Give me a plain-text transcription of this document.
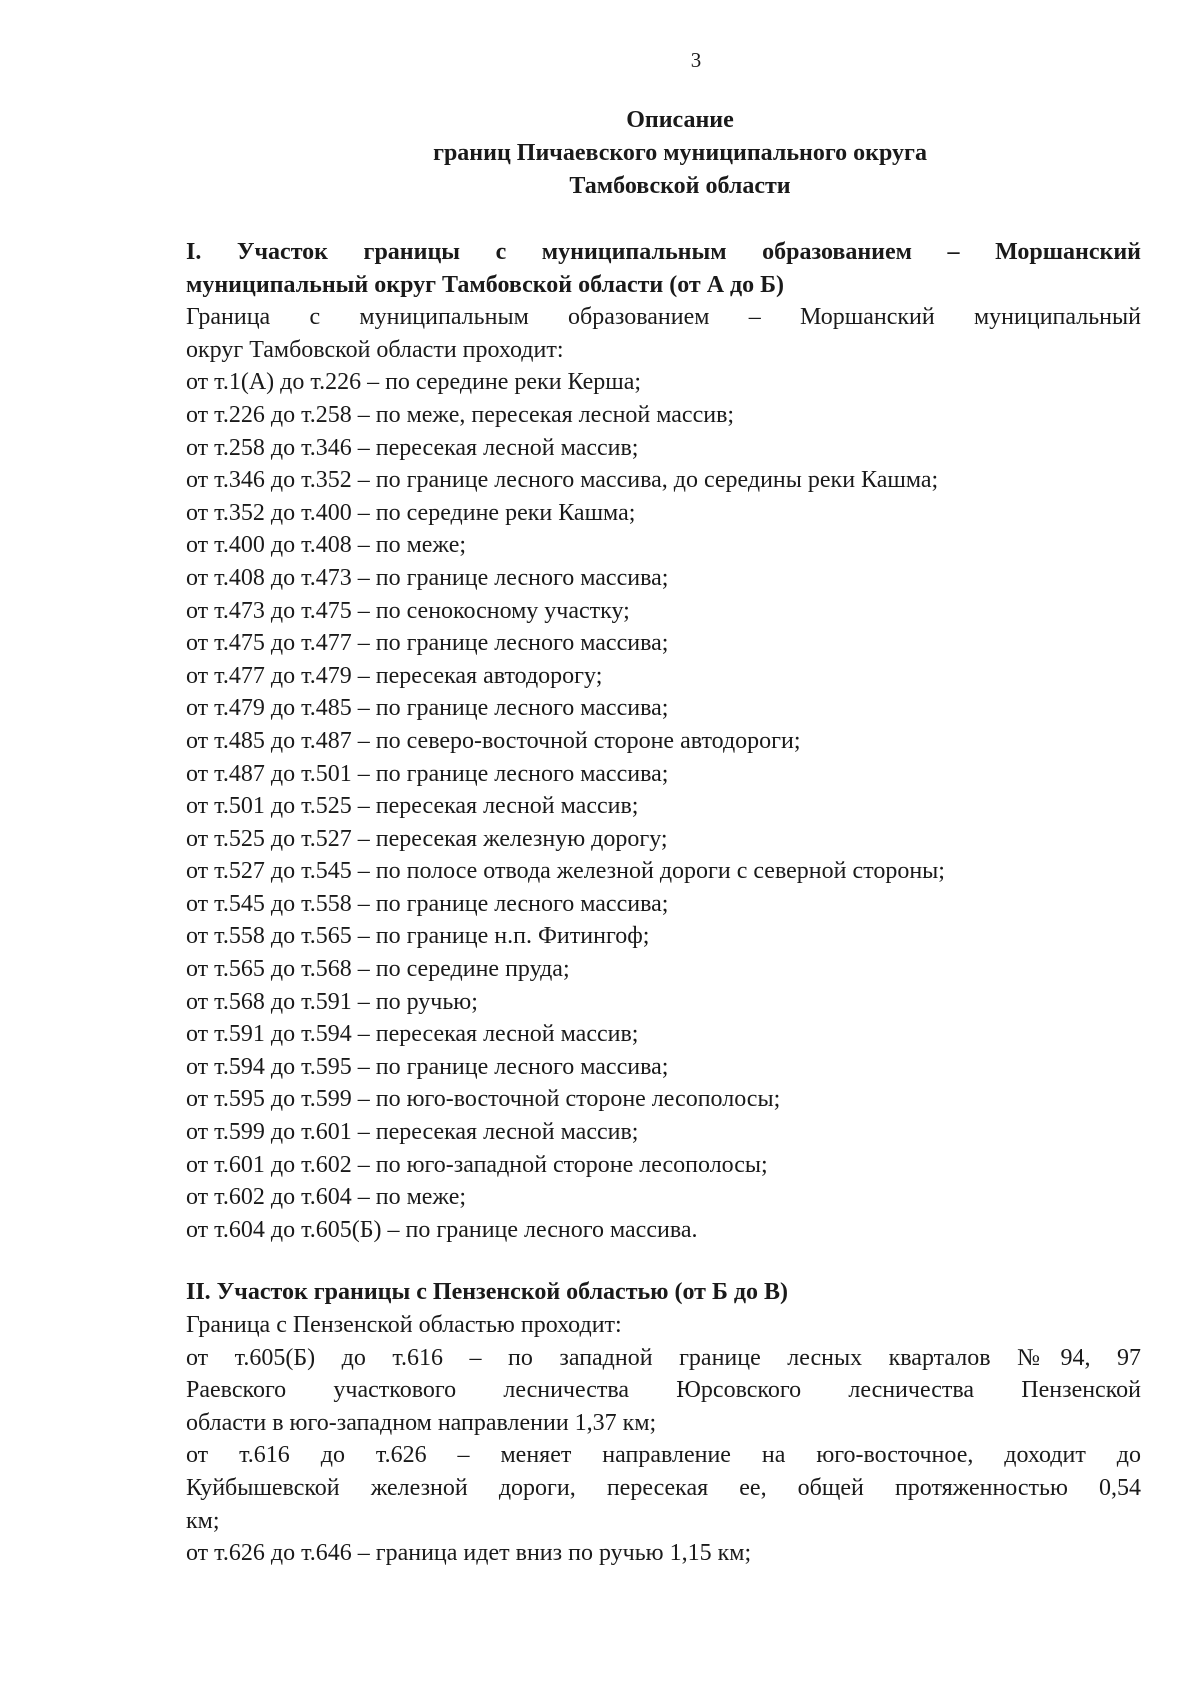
3
Описание
границ Пичаевского муниципального округа
Тамбовской области
I. Участок границы с муниципальным образованием – Моршанский
муниципальный округ Тамбовской области (от А до Б)
Граница с муниципальным образованием – Моршанский муниципальный
округ Тамбовской области проходит:
от т.1(А) до т.226 – по середине реки Керша;
от т.226 до т.258 – по меже, пересекая лесной массив;
от т.258 до т.346 – пересекая лесной массив;
от т.346 до т.352 – по границе лесного массива, до середины реки Кашма;
от т.352 до т.400 – по середине реки Кашма;
от т.400 до т.408 – по меже;
от т.408 до т.473 – по границе лесного массива;
от т.473 до т.475 – по сенокосному участку;
от т.475 до т.477 – по границе лесного массива;
от т.477 до т.479 – пересекая автодорогу;
от т.479 до т.485 – по границе лесного массива;
от т.485 до т.487 – по северо-восточной стороне автодороги;
от т.487 до т.501 – по границе лесного массива;
от т.501 до т.525 – пересекая лесной массив;
от т.525 до т.527 – пересекая железную дорогу;
от т.527 до т.545 – по полосе отвода железной дороги с северной стороны;
от т.545 до т.558 – по границе лесного массива;
от т.558 до т.565 – по границе н.п. Фитингоф;
от т.565 до т.568 – по середине пруда;
от т.568 до т.591 – по ручью;
от т.591 до т.594 – пересекая лесной массив;
от т.594 до т.595 – по границе лесного массива;
от т.595 до т.599 – по юго-восточной стороне лесополосы;
от т.599 до т.601 – пересекая лесной массив;
от т.601 до т.602 – по юго-западной стороне лесополосы;
от т.602 до т.604 – по меже;
от т.604 до т.605(Б) – по границе лесного массива.
II. Участок границы с Пензенской областью (от Б до В)
Граница с Пензенской областью проходит:
от т.605(Б) до т.616 – по западной границе лесных кварталов №94, 97
Раевского участкового лесничества Юрсовского лесничества Пензенской
области в юго-западном направлении 1,37 км;
от т.616 до т.626 – меняет направление на юго-восточное, доходит до
Куйбышевской железной дороги, пересекая ее, общей протяженностью 0,54
км;
от т.626 до т.646 – граница идет вниз по ручью 1,15 км;
